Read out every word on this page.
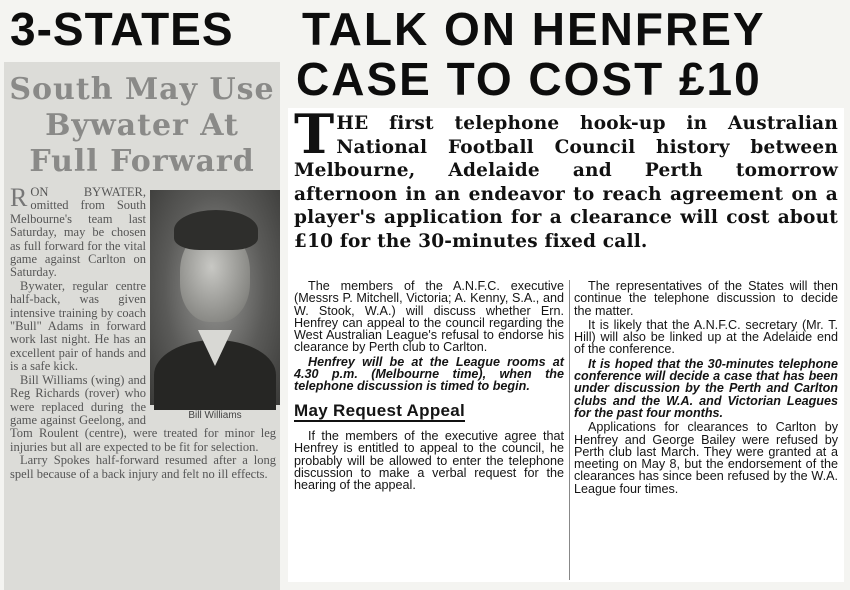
3-STATES TALK ON HENFREY
CASE TO COST £10
South May Use
Bywater At
Full Forward
Bill Williams
R ON BYWATER, omitted from South Melbourne's team last Saturday, may be chosen as full forward for the vital game against Carlton on Saturday.
Bywater, regular centre half-back, was given intensive training by coach "Bull" Adams in forward work last night. He has an excellent pair of hands and is a safe kick.
Bill Williams (wing) and Reg Richards (rover) who were replaced during the game against Geelong, and Tom Roulent (centre), were treated for minor leg injuries but all are expected to be fit for selection.
Larry Spokes half-forward resumed after a long spell because of a back injury and felt no ill effects.
T HE first telephone hook-up in Australian National Football Council history between Melbourne, Adelaide and Perth tomorrow afternoon in an endeavor to reach agreement on a player's application for a clearance will cost about £10 for the 30-minutes fixed call.

The members of the A.N.F.C. executive (Messrs P. Mitchell, Victoria; A. Kenny, S.A., and W. Stook, W.A.) will discuss whether Ern. Henfrey can appeal to the council regarding the West Australian League's refusal to endorse his clearance by Perth club to Carlton.

Henfrey will be at the League rooms at 4.30 p.m. (Melbourne time), when the telephone discussion is timed to begin.

May Request Appeal

If the members of the executive agree that Henfrey is entitled to appeal to the council, he probably will be allowed to enter the telephone discussion to make a verbal request for the hearing of the appeal.

The representatives of the States will then continue the telephone discussion to decide the matter.

It is likely that the A.N.F.C. secretary (Mr. T. Hill) will also be linked up at the Adelaide end of the conference.

It is hoped that the 30-minutes telephone conference will decide a case that has been under discussion by the Perth and Carlton clubs and the W.A. and Victorian Leagues for the past four months.

Applications for clearances to Carlton by Henfrey and George Bailey were refused by Perth club last March. They were granted at a meeting on May 8, but the endorsement of the clearances has since been refused by the W.A. League four times.
